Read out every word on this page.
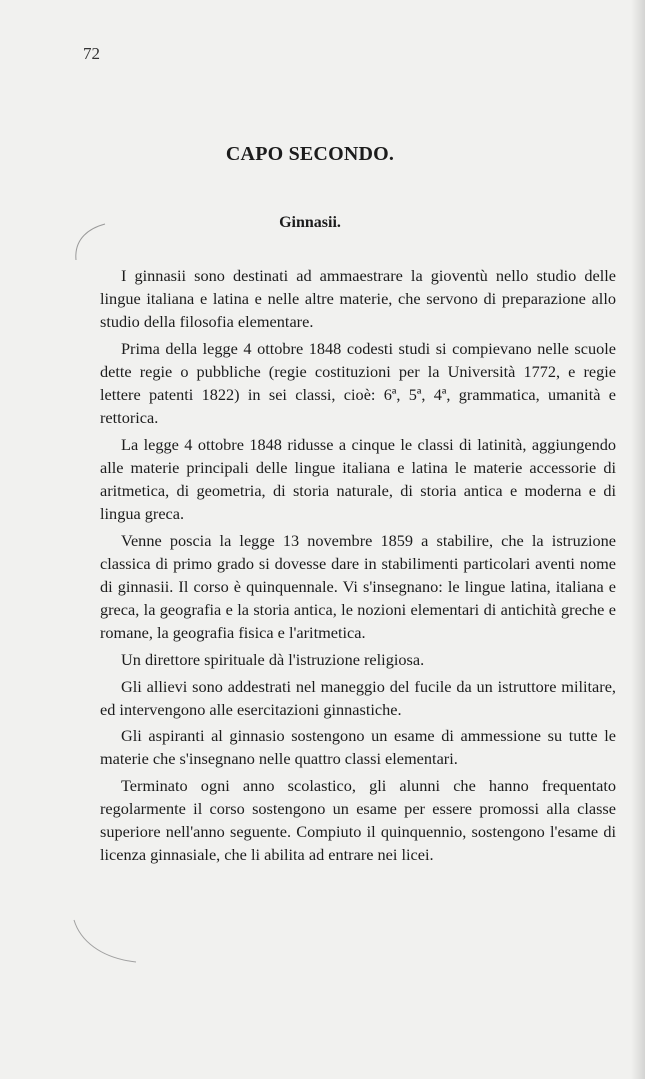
72
CAPO SECONDO.
Ginnasii.

I ginnasii sono destinati ad ammaestrare la gioventù nello studio delle lingue italiana e latina e nelle altre materie, che servono di preparazione allo studio della filosofia elementare.

Prima della legge 4 ottobre 1848 codesti studi si compievano nelle scuole dette regie o pubbliche (regie costituzioni per la Università 1772, e regie lettere patenti 1822) in sei classi, cioè: 6ª, 5ª, 4ª, grammatica, umanità e rettorica.

La legge 4 ottobre 1848 ridusse a cinque le classi di latinità, aggiungendo alle materie principali delle lingue italiana e latina le materie accessorie di aritmetica, di geometria, di storia naturale, di storia antica e moderna e di lingua greca.

Venne poscia la legge 13 novembre 1859 a stabilire, che la istruzione classica di primo grado si dovesse dare in stabilimenti particolari aventi nome di ginnasii. Il corso è quinquennale. Vi s'insegnano: le lingue latina, italiana e greca, la geografia e la storia antica, le nozioni elementari di antichità greche e romane, la geografia fisica e l'aritmetica.

Un direttore spirituale dà l'istruzione religiosa.

Gli allievi sono addestrati nel maneggio del fucile da un istruttore militare, ed intervengono alle esercitazioni ginnastiche.

Gli aspiranti al ginnasio sostengono un esame di ammessione su tutte le materie che s'insegnano nelle quattro classi elementari.

Terminato ogni anno scolastico, gli alunni che hanno frequentato regolarmente il corso sostengono un esame per essere promossi alla classe superiore nell'anno seguente. Compiuto il quinquennio, sostengono l'esame di licenza ginnasiale, che li abilita ad entrare nei licei.
